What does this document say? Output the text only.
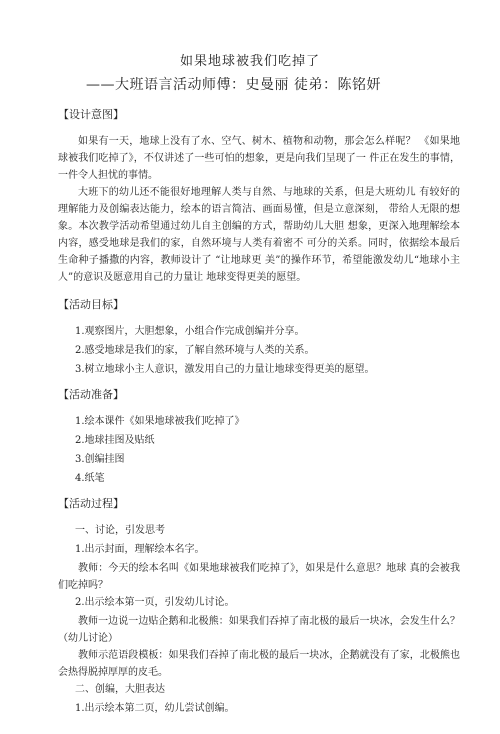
如果地球被我们吃掉了
——大班语言活动师傅：史曼丽 徒弟：陈铭妍
【设计意图】

如果有一天，地球上没有了水、空气、树木、植物和动物，那会怎么样呢？ 《如果地球被我们吃掉了》，不仅讲述了一些可怕的想象，更是向我们呈现了一 件正在发生的事情，一件令人担忧的事情。

大班下的幼儿还不能很好地理解人类与自然、与地球的关系，但是大班幼儿 有较好的理解能力及创编表达能力，绘本的语言简洁、画面易懂，但是立意深刻， 带给人无限的想象。本次教学活动希望通过幼儿自主创编的方式，帮助幼儿大胆 想象，更深入地理解绘本内容，感受地球是我们的家，自然环境与人类有着密不 可分的关系。同时，依据绘本最后生命种子播撒的内容，教师设计了 “让地球更 美”的操作环节，希望能激发幼儿“地球小主人”的意识及愿意用自己的力量让 地球变得更美的愿望。

【活动目标】
1.观察图片，大胆想象，小组合作完成创编并分享。
2.感受地球是我们的家，了解自然环境与人类的关系。
3.树立地球小主人意识，激发用自己的力量让地球变得更美的愿望。
【活动准备】
1.绘本课件《如果地球被我们吃掉了》
2.地球挂图及贴纸
3.创编挂图
4.纸笔
【活动过程】
一、讨论，引发思考
1.出示封面，理解绘本名字。

教师：今天的绘本名叫《如果地球被我们吃掉了》，如果是什么意思？地球 真的会被我们吃掉吗？

2.出示绘本第一页，引发幼儿讨论。

教师一边说一边贴企鹅和北极熊：如果我们吞掉了南北极的最后一块冰，会发生什么？（幼儿讨论）

教师示范语段模板：如果我们吞掉了南北极的最后一块冰，企鹅就没有了家，北极熊也会热得脱掉厚厚的皮毛。

二、创编，大胆表达
1.出示绘本第二页，幼儿尝试创编。
